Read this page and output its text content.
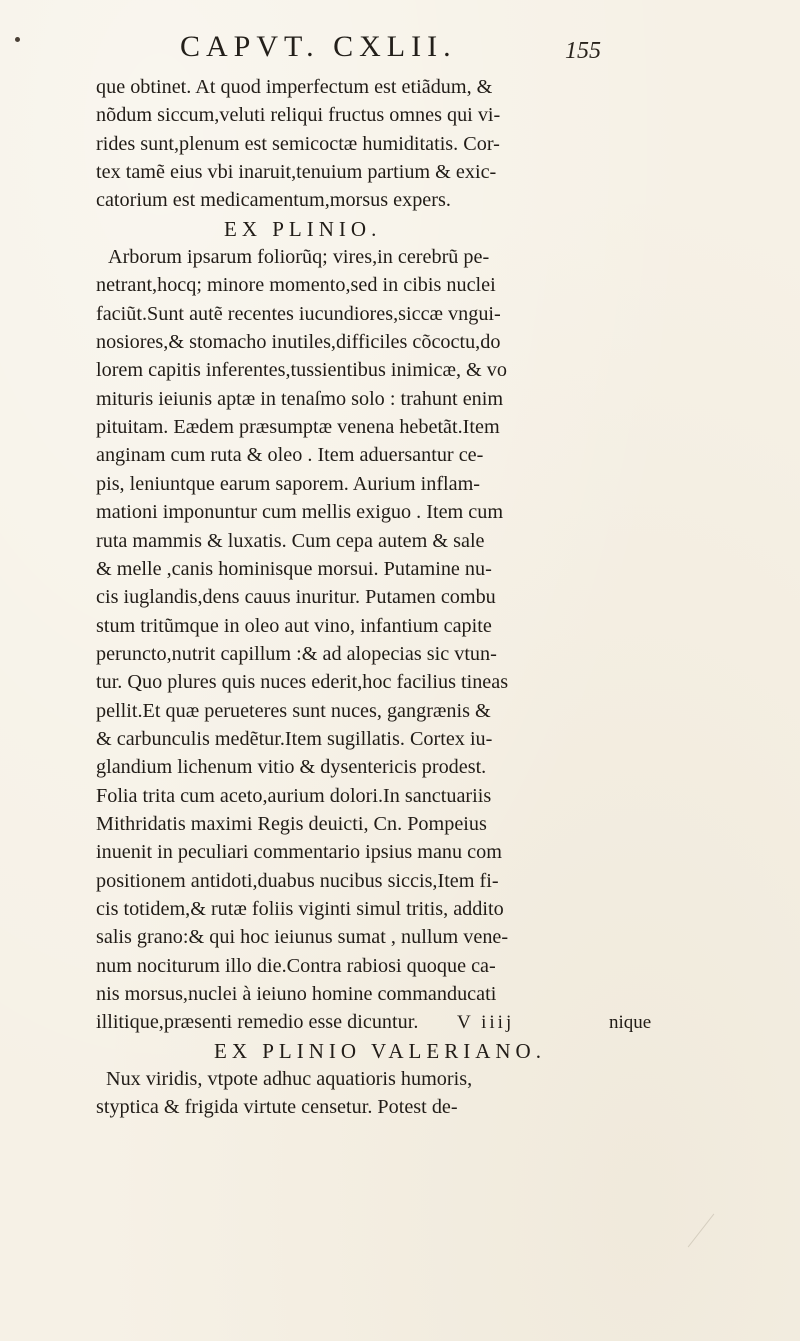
CAPVT. CXLII.	155
que obtinet. At quod imperfectum est etiãdum, &
nõdum siccum,veluti reliqui fructus omnes qui vi-
rides sunt,plenum est semicoctæ humiditatis. Cor-
tex tamẽ eius vbi inaruit,tenuium partium & exic-
catorium est medicamentum,morsus expers.
EX PLINIO.
Arborum ipsarum foliorũq; vires,in cerebrũ pe-
netrant,hocq; minore momento,sed in cibis nuclei
faciũt.Sunt autẽ recentes iucundiores,siccæ vngui-
nosiores,& stomacho inutiles,difficiles cõcoctu,do
lorem capitis inferentes,tussientibus inimicæ, & vo
mituris ieiunis aptæ in tenaſmo solo : trahunt enim
pituitam. Eædem præsumptæ venena hebetãt.Item
anginam cum ruta & oleo . Item aduersantur ce-
pis, leniuntque earum saporem. Aurium inflam-
mationi imponuntur cum mellis exiguo . Item cum
ruta mammis & luxatis. Cum cepa autem & sale
& melle ,canis hominisque morsui. Putamine nu-
cis iuglandis,dens cauus inuritur. Putamen combu
stum tritũmque in oleo aut vino, infantium capite
perunctо,nutrit capillum :& ad alopecias sic vtun-
tur. Quo plures quis nuces ederit,hoc facilius tineas
pellit.Et quæ perueteres sunt nuces, gangrænis &
& carbunculis medẽtur.Item sugillatis. Cortex iu-
glandium lichenum vitio & dysentericis prodest.
Folia trita cum aceto,aurium dolori.In sanctuariis
Mithridatis maximi Regis deuicti, Cn. Pompeius
inuenit in peculiari commentario ipsius manu com
positionem antidoti,duabus nucibus siccis,Item fi-
cis totidem,& rutæ foliis viginti simul tritis, addito
salis grano:& qui hoc ieiunus sumat , nullum vene-
num nociturum illo die.Contra rabiosi quoque ca-
nis morsus,nuclei à ieiuno homine commanducati
illitique,præsenti remedio esse dicuntur.
EX PLINIO VALERIANO.
Nux viridis, vtpote adhuc aquatioris humoris,
styptica & frigida virtute censetur. Potest de-
V iiij	nique
